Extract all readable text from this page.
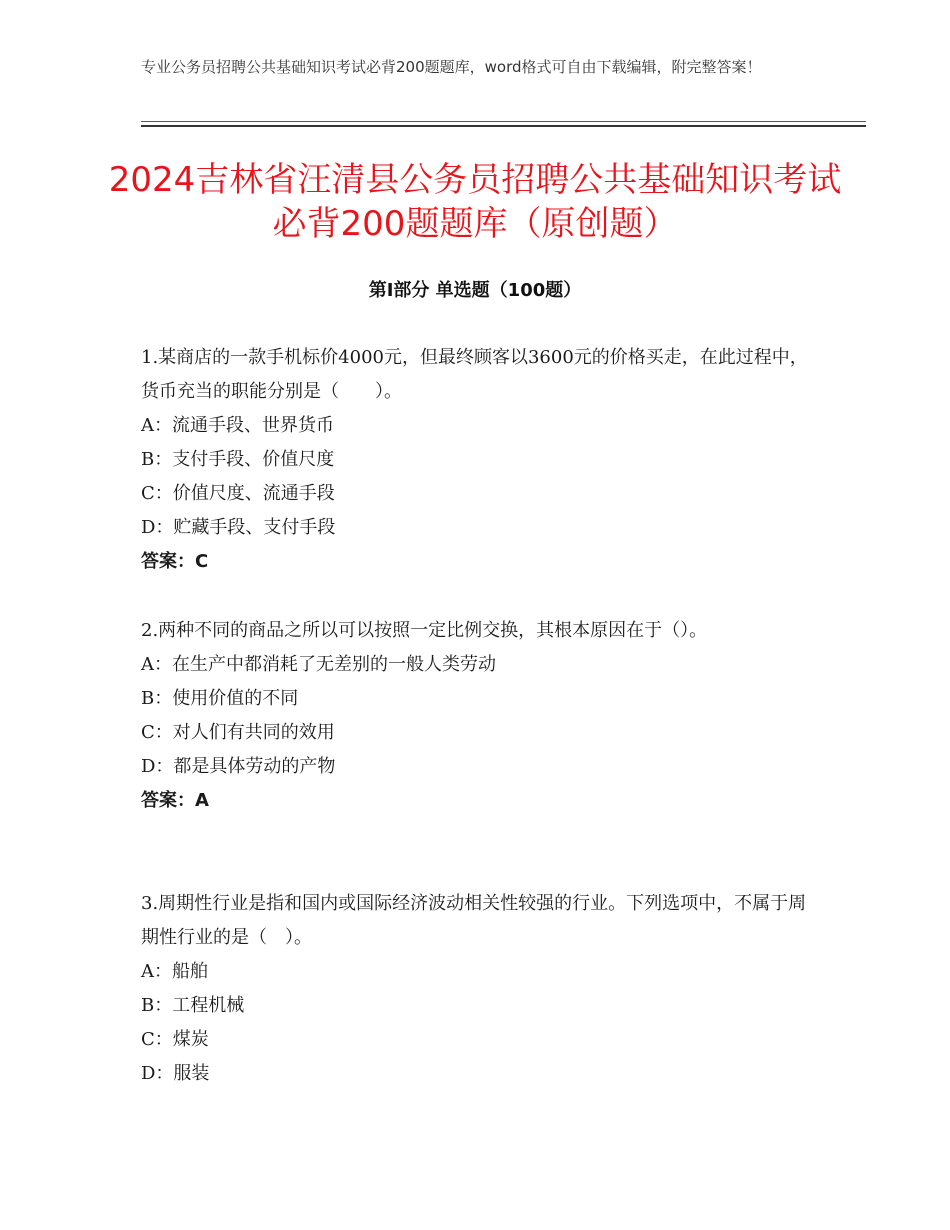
专业公务员招聘公共基础知识考试必背200题题库，word格式可自由下载编辑，附完整答案！
2024吉林省汪清县公务员招聘公共基础知识考试必背200题题库（原创题）
第Ⅰ部分 单选题（100题）
1.某商店的一款手机标价4000元，但最终顾客以3600元的价格买走，在此过程中，货币充当的职能分别是（　　）。
A：流通手段、世界货币
B：支付手段、价值尺度
C：价值尺度、流通手段
D：贮藏手段、支付手段
答案：C
2.两种不同的商品之所以可以按照一定比例交换，其根本原因在于（）。
A：在生产中都消耗了无差别的一般人类劳动
B：使用价值的不同
C：对人们有共同的效用
D：都是具体劳动的产物
答案：A
3.周期性行业是指和国内或国际经济波动相关性较强的行业。下列选项中，不属于周期性行业的是（　）。
A：船舶
B：工程机械
C：煤炭
D：服装
